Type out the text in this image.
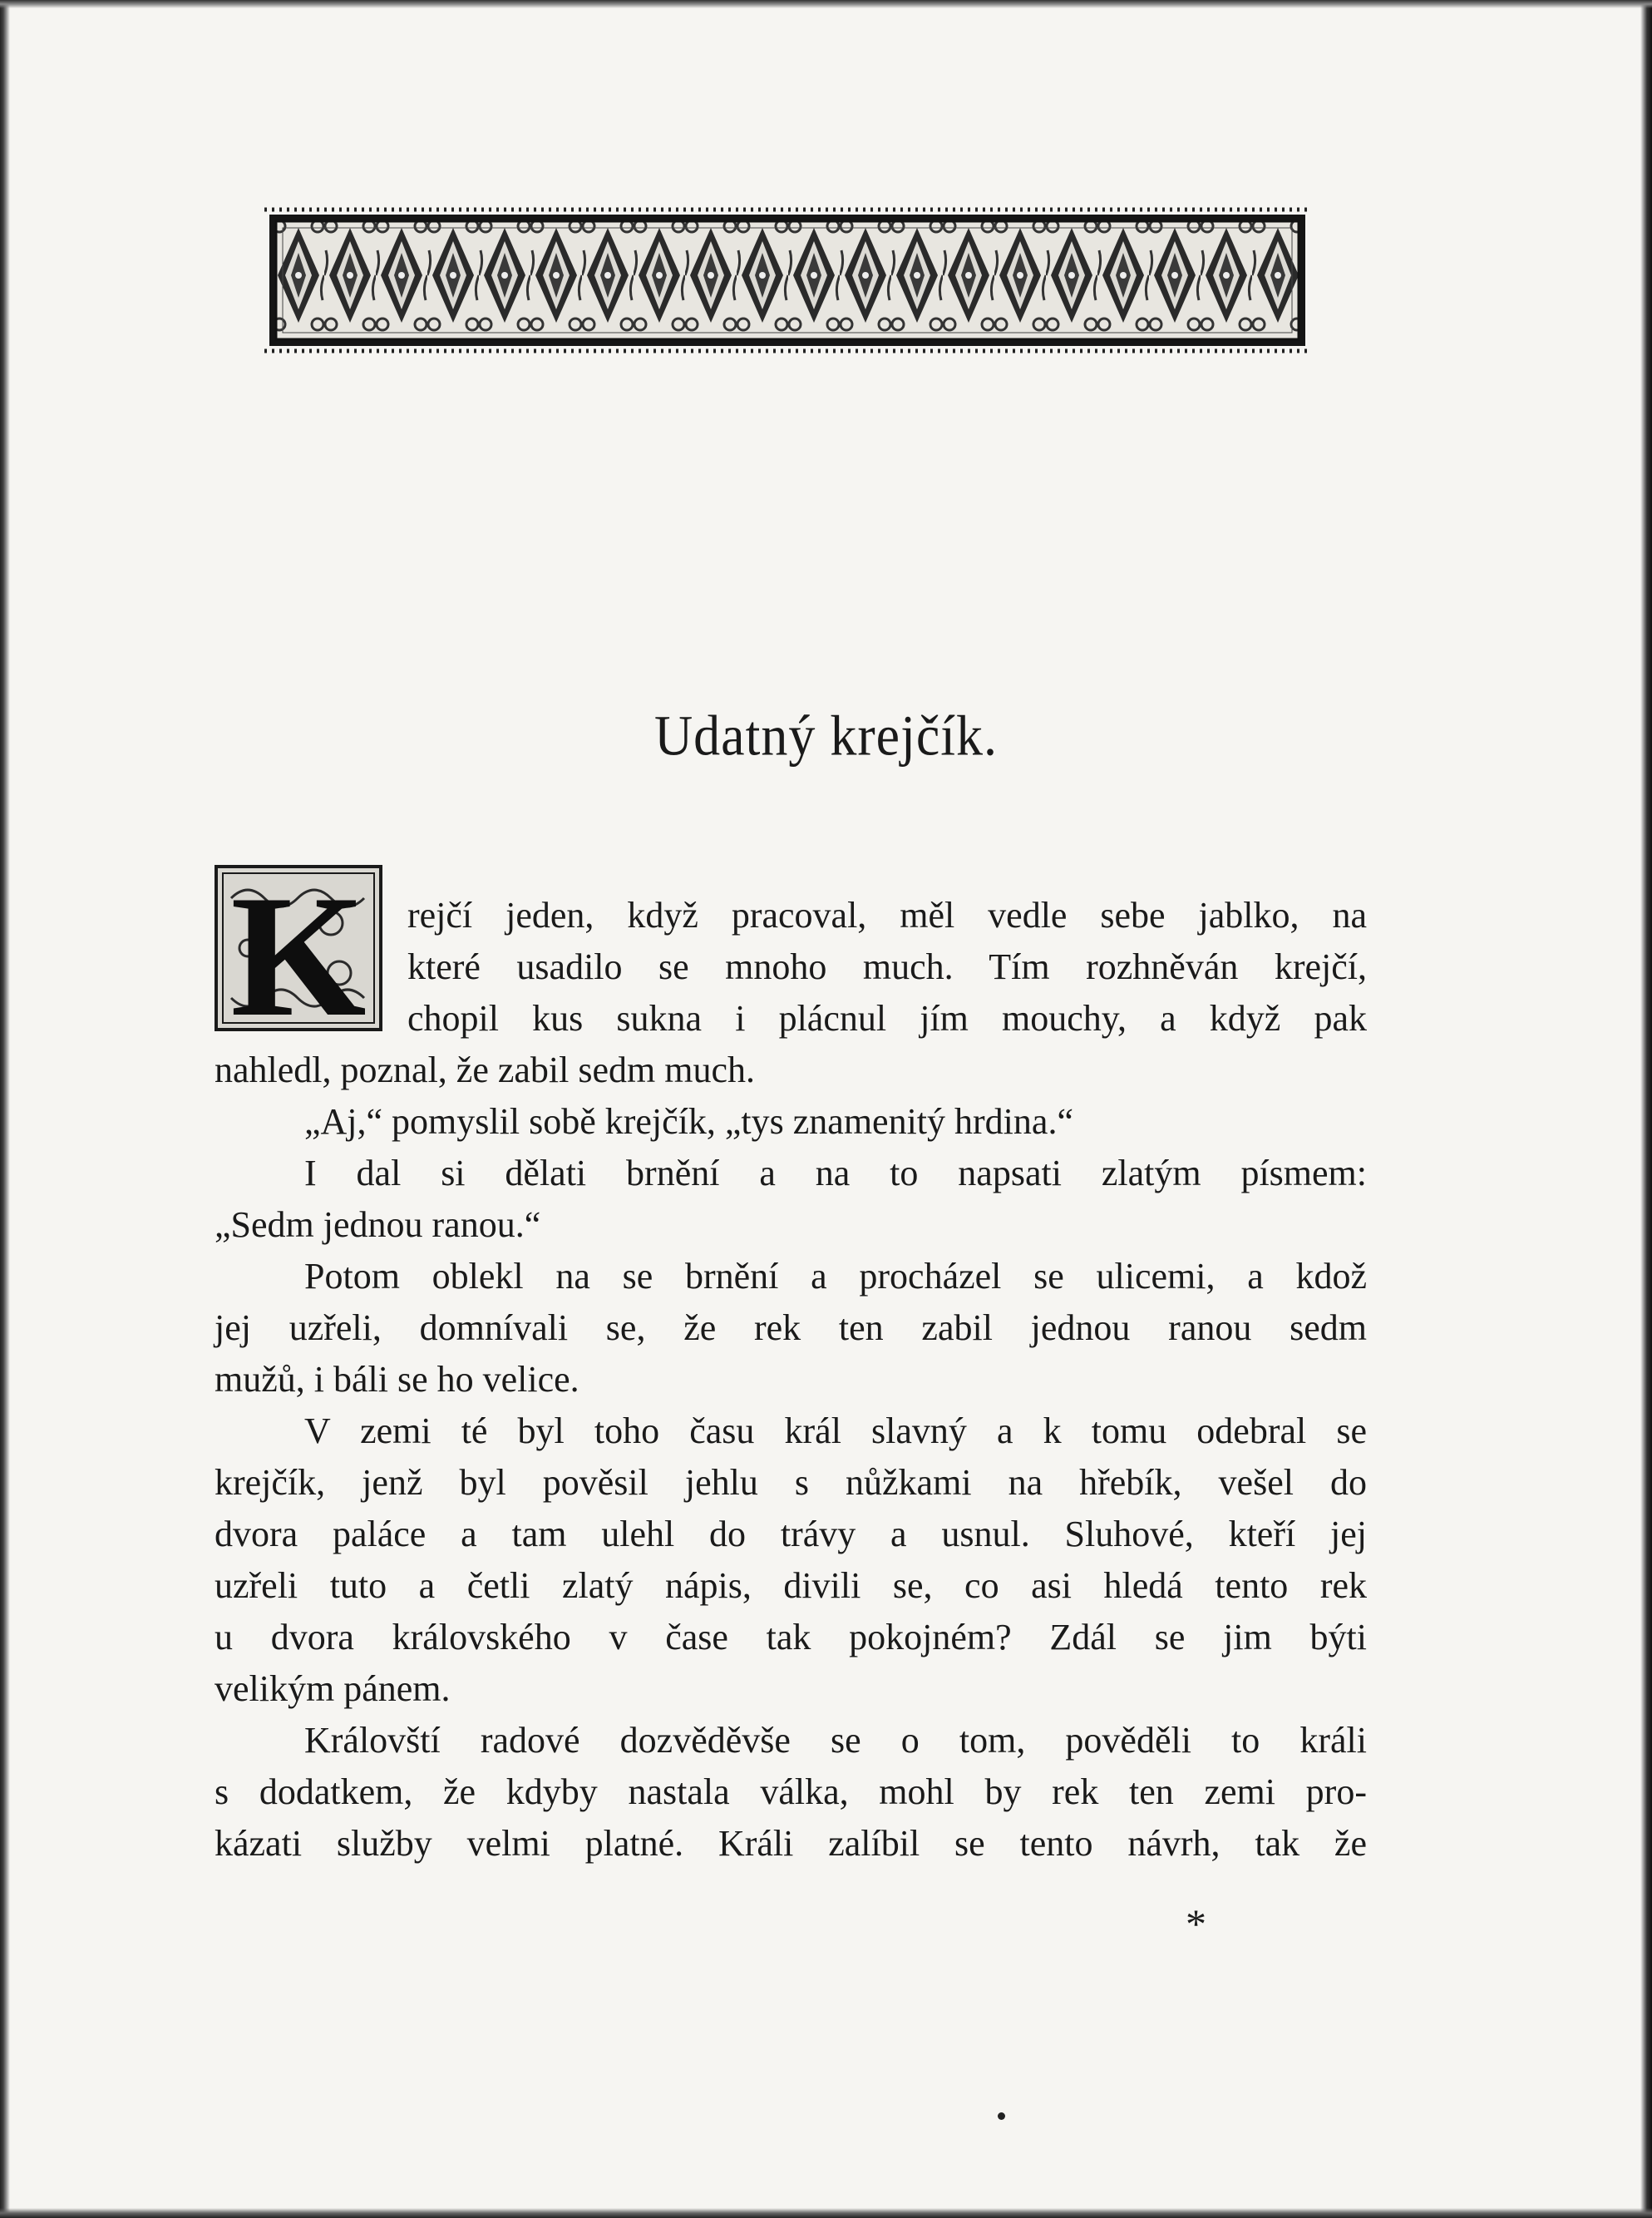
Udatný krejčík.
K	rejčí jeden, když pracoval, měl vedle sebe jablko, na
které usadilo se mnoho much. Tím rozhněván krejčí,
chopil kus sukna i plácnul jím mouchy, a když pak
nahledl, poznal, že zabil sedm much.
„Aj,“ pomyslil sobě krejčík, „tys znamenitý hrdina.“
I dal si dělati brnění a na to napsati zlatým písmem:
„Sedm jednou ranou.“
Potom oblekl na se brnění a procházel se ulicemi, a kdož
jej uzřeli, domnívali se, že rek ten zabil jednou ranou sedm
mužů, i báli se ho velice.
V zemi té byl toho času král slavný a k tomu odebral se
krejčík, jenž byl pověsil jehlu s nůžkami na hřebík, vešel do
dvora paláce a tam ulehl do trávy a usnul. Sluhové, kteří jej
uzřeli tuto a četli zlatý nápis, divili se, co asi hledá tento rek
u dvora královského v čase tak pokojném? Zdál se jim býti
velikým pánem.
Královští radové dozvěděvše se o tom, pověděli to králi
s dodatkem, že kdyby nastala válka, mohl by rek ten zemi pro-
kázati služby velmi platné. Králi zalíbil se tento návrh, tak že
*
